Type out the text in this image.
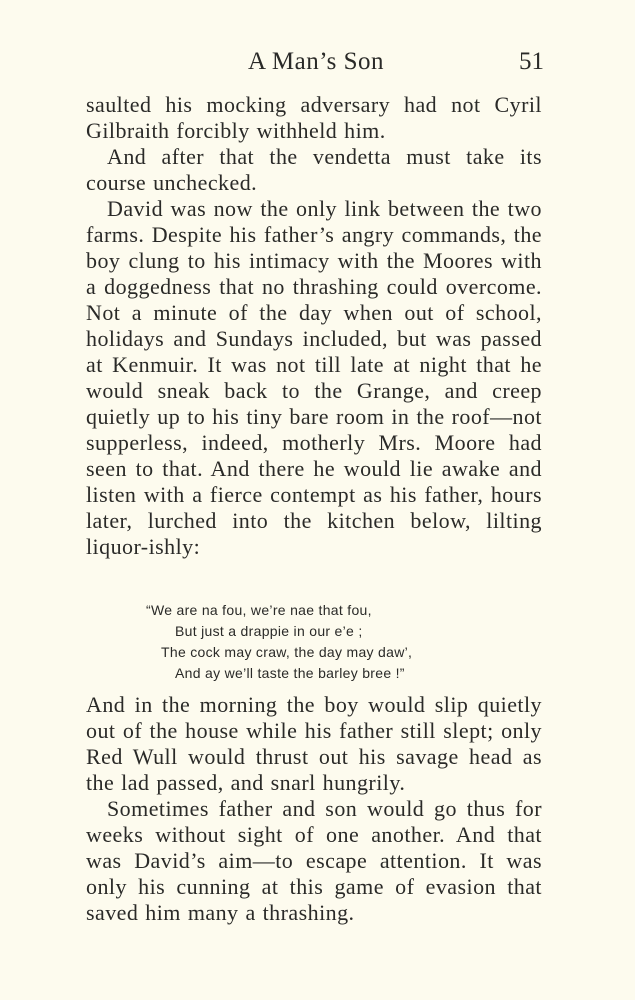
A Man’s Son	51

saulted his mocking adversary had not Cyril Gilbraith forcibly withheld him.

And after that the vendetta must take its course unchecked.

David was now the only link between the two farms. Despite his father’s angry commands, the boy clung to his intimacy with the Moores with a doggedness that no thrashing could overcome. Not a minute of the day when out of school, holidays and Sundays included, but was passed at Kenmuir. It was not till late at night that he would sneak back to the Grange, and creep quietly up to his tiny bare room in the roof—not supperless, indeed, motherly Mrs. Moore had seen to that. And there he would lie awake and listen with a fierce contempt as his father, hours later, lurched into the kitchen below, lilting liquor-ishly:

“We are na fou, we’re nae that fou,
But just a drappie in our e’e ;
The cock may craw, the day may daw’,
And ay we’ll taste the barley bree !”

And in the morning the boy would slip quietly out of the house while his father still slept; only Red Wull would thrust out his savage head as the lad passed, and snarl hungrily.

Sometimes father and son would go thus for weeks without sight of one another. And that was David’s aim—to escape attention. It was only his cunning at this game of evasion that saved him many a thrashing.
